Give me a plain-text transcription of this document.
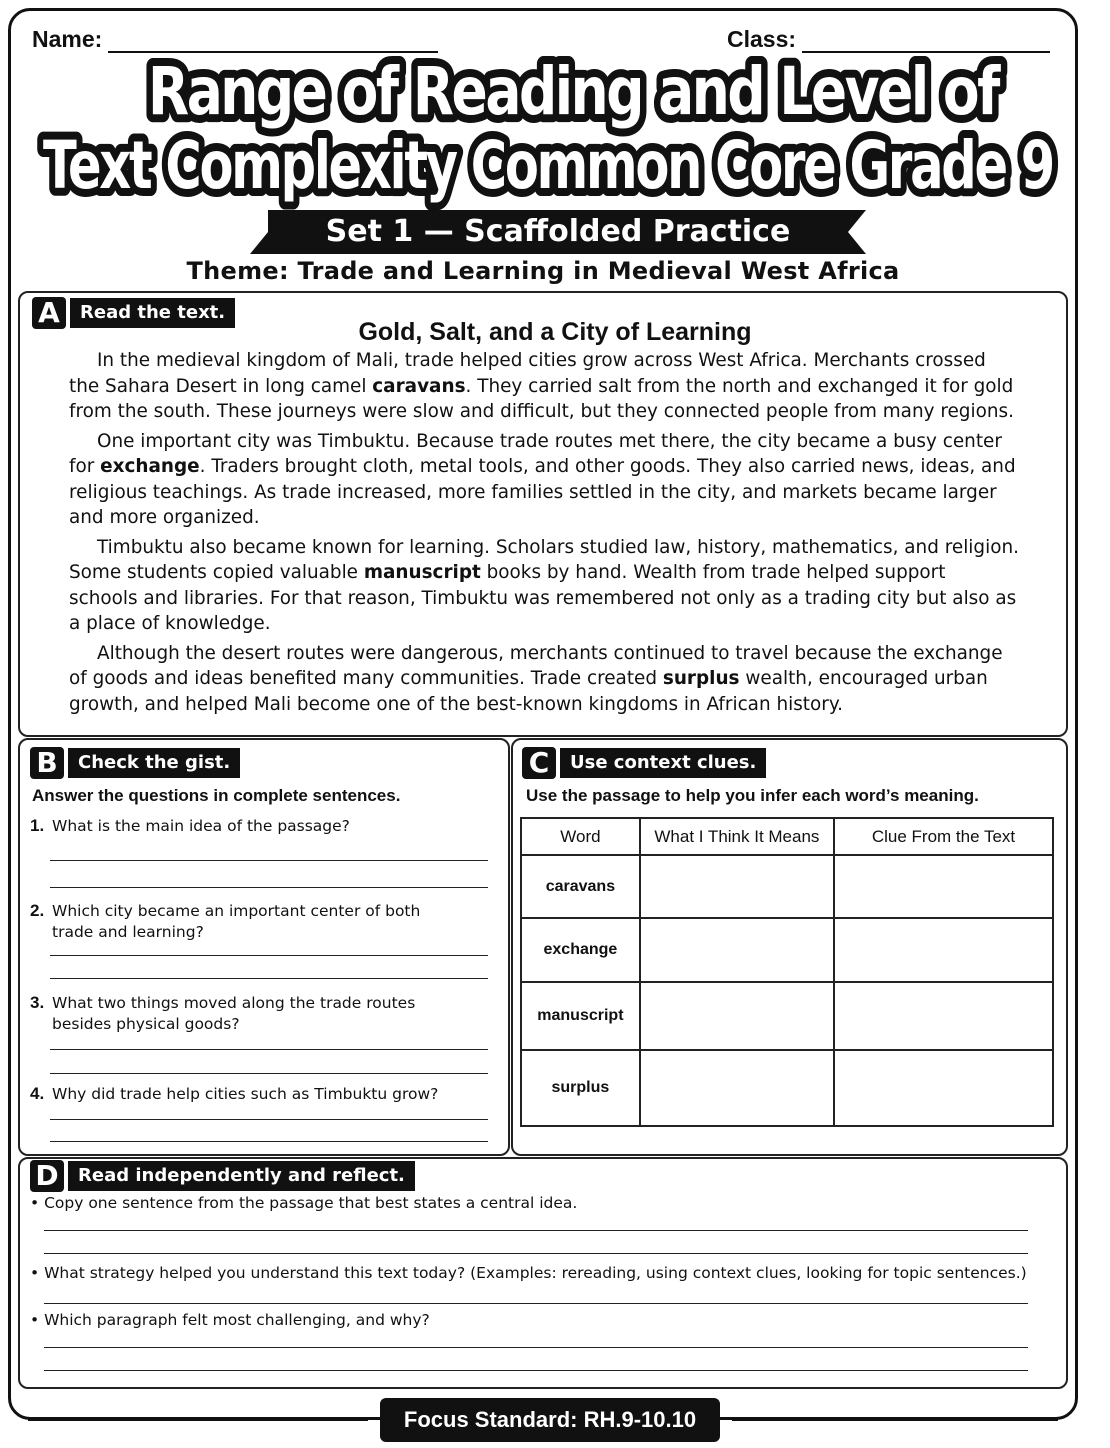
Name:	Class:
Range of Reading and Level of
Text Complexity Common Core Grade 9
Set 1 — Scaffolded Practice
Theme: Trade and Learning in Medieval West Africa
A	Read the text.
Gold, Salt, and a City of Learning

In the medieval kingdom of Mali, trade helped cities grow across West Africa. Merchants crossed the Sahara Desert in long camel caravans. They carried salt from the north and exchanged it for gold from the south. These journeys were slow and difficult, but they connected people from many regions.

One important city was Timbuktu. Because trade routes met there, the city became a busy center for exchange. Traders brought cloth, metal tools, and other goods. They also carried news, ideas, and religious teachings. As trade increased, more families settled in the city, and markets became larger and more organized.

Timbuktu also became known for learning. Scholars studied law, history, mathematics, and religion. Some students copied valuable manuscript books by hand. Wealth from trade helped support schools and libraries. For that reason, Timbuktu was remembered not only as a trading city but also as a place of knowledge.

Although the desert routes were dangerous, merchants continued to travel because the exchange of goods and ideas benefited many communities. Trade created surplus wealth, encouraged urban growth, and helped Mali become one of the best-known kingdoms in African history.

B	Check the gist.
Answer the questions in complete sentences.
1. What is the main idea of the passage?
2. Which city became an important center of both
trade and learning?
3. What two things moved along the trade routes
besides physical goods?
4. Why did trade help cities such as Timbuktu grow?
C	Use context clues.
Use the passage to help you infer each word’s meaning.
Word	What I Think It Means	Clue From the Text
caravans		
exchange		
manuscript		
surplus		
D	Read independently and reflect.
• Copy one sentence from the passage that best states a central idea.
• What strategy helped you understand this text today? (Examples: rereading, using context clues, looking for topic sentences.)
• Which paragraph felt most challenging, and why?
Focus Standard: RH.9-10.10
